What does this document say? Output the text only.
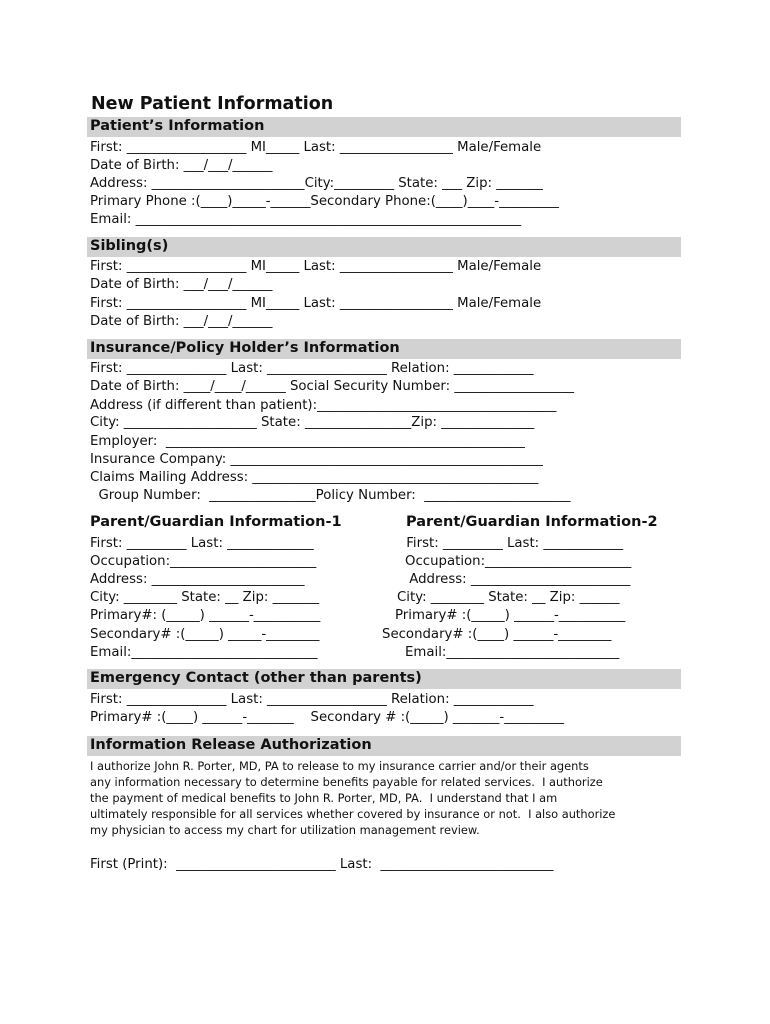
New Patient Information
Patient’s Information
First: __________________ MI_____ Last: _________________ Male/Female
Date of Birth: ___/___/______
Address: _______________________City:_________ State: ___ Zip: _______
Primary Phone :(____)_____-______Secondary Phone:(____)____-_________
Email: __________________________________________________________
Sibling(s)
First: __________________ MI_____ Last: _________________ Male/Female
Date of Birth: ___/___/______
First: __________________ MI_____ Last: _________________ Male/Female
Date of Birth: ___/___/______
Insurance/Policy Holder’s Information
First: _______________ Last: __________________ Relation: ____________
Date of Birth: ____/____/______ Social Security Number: __________________
Address (if different than patient):____________________________________
City: ____________________ State: ________________Zip: ______________
Employer:  ______________________________________________________
Insurance Company: _______________________________________________
Claims Mailing Address: ___________________________________________
Group Number:  ________________Policy Number:  ______________________
Parent/Guardian Information-1	Parent/Guardian Information-2
First: _________ Last: _____________
Occupation:______________________
Address: _______________________
City: ________ State: __ Zip: _______
Primary#: (_____) ______-__________
Secondary# :(_____) _____-________
Email:____________________________
First: _________ Last: ____________
Occupation:______________________
Address: ________________________
City: ________ State: __ Zip: ______
Primary# :(_____) ______-__________
Secondary# :(____) ______-________
Email:__________________________
Emergency Contact (other than parents)
First: _______________ Last: __________________ Relation: ____________
Primary# :(____) ______-_______    Secondary # :(_____) _______-_________
Information Release Authorization
I authorize John R. Porter, MD, PA to release to my insurance carrier and/or their agents
any information necessary to determine benefits payable for related services.  I authorize
the payment of medical benefits to John R. Porter, MD, PA.  I understand that I am
ultimately responsible for all services whether covered by insurance or not.  I also authorize
my physician to access my chart for utilization management review.
First (Print):  ________________________ Last:  __________________________
